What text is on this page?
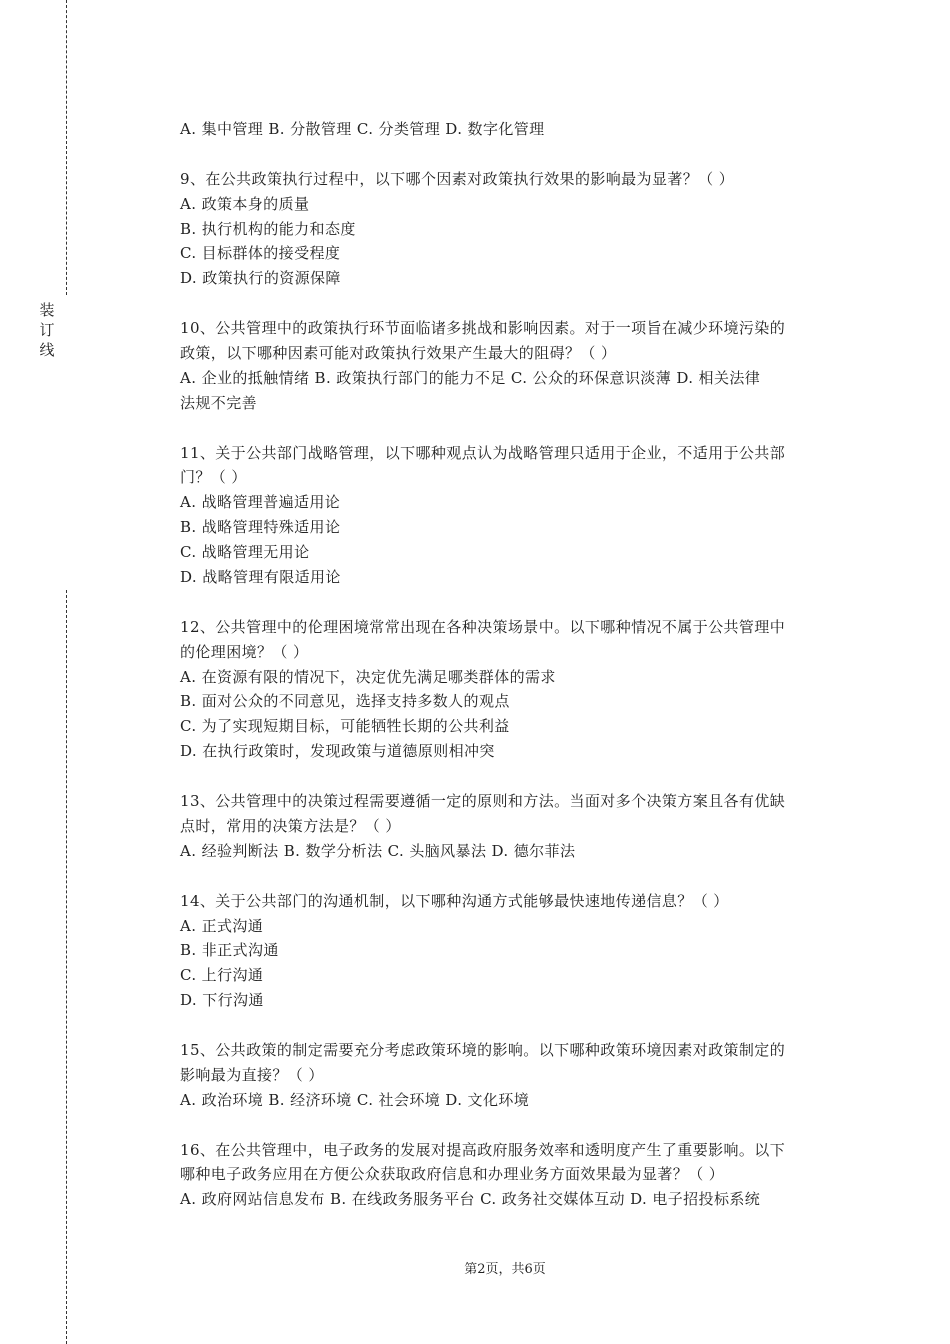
装订线
A. 集中管理 B. 分散管理 C. 分类管理 D. 数字化管理
9、在公共政策执行过程中，以下哪个因素对政策执行效果的影响最为显著？（ ）
A. 政策本身的质量
B. 执行机构的能力和态度
C. 目标群体的接受程度
D. 政策执行的资源保障
10、公共管理中的政策执行环节面临诸多挑战和影响因素。对于一项旨在减少环境污染的
政策，以下哪种因素可能对政策执行效果产生最大的阻碍？（ ）
A. 企业的抵触情绪 B. 政策执行部门的能力不足 C. 公众的环保意识淡薄 D. 相关法律
法规不完善
11、关于公共部门战略管理，以下哪种观点认为战略管理只适用于企业，不适用于公共部
门？（ ）
A. 战略管理普遍适用论
B. 战略管理特殊适用论
C. 战略管理无用论
D. 战略管理有限适用论
12、公共管理中的伦理困境常常出现在各种决策场景中。以下哪种情况不属于公共管理中
的伦理困境？（ ）
A. 在资源有限的情况下，决定优先满足哪类群体的需求
B. 面对公众的不同意见，选择支持多数人的观点
C. 为了实现短期目标，可能牺牲长期的公共利益
D. 在执行政策时，发现政策与道德原则相冲突
13、公共管理中的决策过程需要遵循一定的原则和方法。当面对多个决策方案且各有优缺
点时，常用的决策方法是？（ ）
A. 经验判断法 B. 数学分析法 C. 头脑风暴法 D. 德尔菲法
14、关于公共部门的沟通机制，以下哪种沟通方式能够最快速地传递信息？（ ）
A. 正式沟通
B. 非正式沟通
C. 上行沟通
D. 下行沟通
15、公共政策的制定需要充分考虑政策环境的影响。以下哪种政策环境因素对政策制定的
影响最为直接？（ ）
A. 政治环境 B. 经济环境 C. 社会环境 D. 文化环境
16、在公共管理中，电子政务的发展对提高政府服务效率和透明度产生了重要影响。以下
哪种电子政务应用在方便公众获取政府信息和办理业务方面效果最为显著？（ ）
A. 政府网站信息发布 B. 在线政务服务平台 C. 政务社交媒体互动 D. 电子招投标系统
第2页，共6页
